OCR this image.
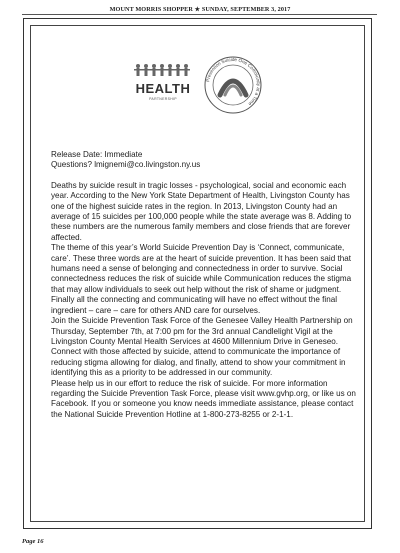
MOUNT MORRIS SHOPPER ★ SUNDAY, SEPTEMBER 3, 2017
HEALTH
PARTNERSHIP
Prevention Suicide One Community at a Time

Release Date: Immediate
Questions? lmignemi@co.livingston.ny.us

Deaths by suicide result in tragic losses - psychological, social and economic each year. According to the New York State Department of Health, Livingston County has one of the highest suicide rates in the region. In 2013, Livingston County had an average of 15 suicides per 100,000 people while the state average was 8. Adding to these numbers are the numerous family members and close friends that are forever affected.

The theme of this year’s World Suicide Prevention Day is ‘Connect, communicate, care’. These three words are at the heart of suicide prevention. It has been said that humans need a sense of belonging and connectedness in order to survive. Social connectedness reduces the risk of suicide while Communication reduces the stigma that may allow individuals to seek out help without the risk of shame or judgment. Finally all the connecting and communicating will have no effect without the final ingredient – care – care for others AND care for ourselves.

Join the Suicide Prevention Task Force of the Genesee Valley Health Partnership on Thursday, September 7th, at 7:00 pm for the 3rd annual Candlelight Vigil at the Livingston County Mental Health Services at 4600 Millennium Drive in Geneseo. Connect with those affected by suicide, attend to communicate the importance of reducing stigma allowing for dialog, and finally, attend to show your commitment in identifying this as a priority to be addressed in our community.

Please help us in our effort to reduce the risk of suicide. For more information regarding the Suicide Prevention Task Force, please visit www.gvhp.org, or like us on Facebook. If you or someone you know needs immediate assistance, please contact the National Suicide Prevention Hotline at 1-800-273-8255 or 2-1-1.

Page 16
